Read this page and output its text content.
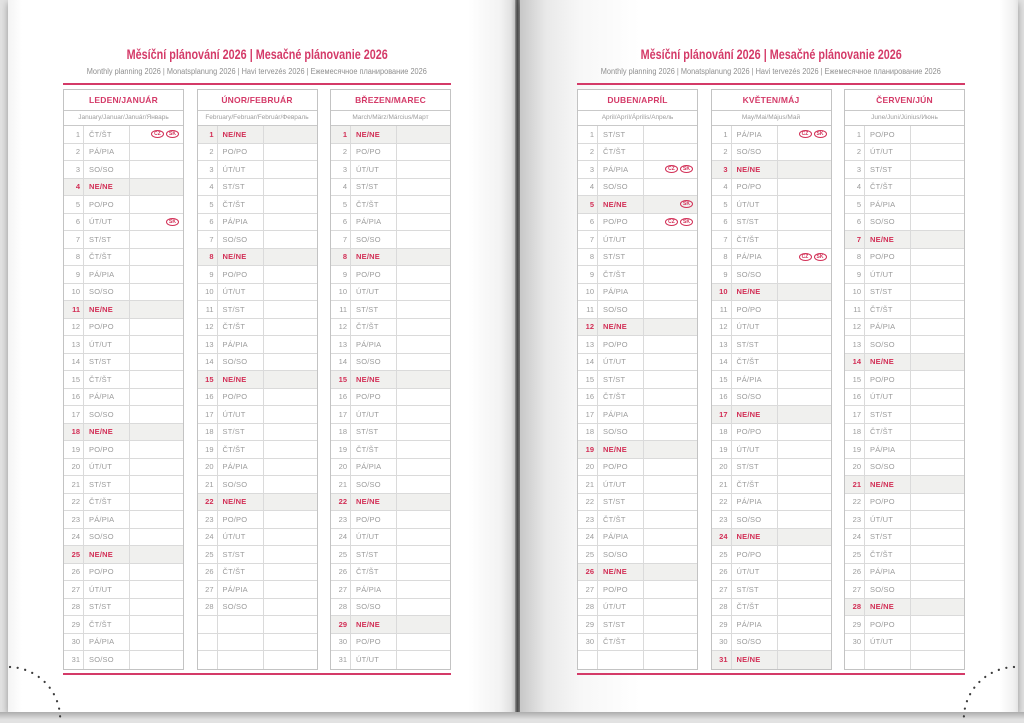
Měsíční plánování 2026 | Mesačné plánovanie 2026

Monthly planning 2026 | Monatsplanung 2026 | Havi tervezés 2026 | Ежемесячное планирование 2026

LEDEN/JANUÁR
January/Januar/Január/Январь
1	ČT/ŠT	CZ	SK
2	PÁ/PIA
3	SO/SO
4	NE/NE
5	PO/PO
6	ÚT/UT	SK
7	ST/ST
8	ČT/ŠT
9	PÁ/PIA
10	SO/SO
11	NE/NE
12	PO/PO
13	ÚT/UT
14	ST/ST
15	ČT/ŠT
16	PÁ/PIA
17	SO/SO
18	NE/NE
19	PO/PO
20	ÚT/UT
21	ST/ST
22	ČT/ŠT
23	PÁ/PIA
24	SO/SO
25	NE/NE
26	PO/PO
27	ÚT/UT
28	ST/ST
29	ČT/ŠT
30	PÁ/PIA
31	SO/SO
ÚNOR/FEBRUÁR
February/Februar/Február/Февраль
1	NE/NE
2	PO/PO
3	ÚT/UT
4	ST/ST
5	ČT/ŠT
6	PÁ/PIA
7	SO/SO
8	NE/NE
9	PO/PO
10	ÚT/UT
11	ST/ST
12	ČT/ŠT
13	PÁ/PIA
14	SO/SO
15	NE/NE
16	PO/PO
17	ÚT/UT
18	ST/ST
19	ČT/ŠT
20	PÁ/PIA
21	SO/SO
22	NE/NE
23	PO/PO
24	ÚT/UT
25	ST/ST
26	ČT/ŠT
27	PÁ/PIA
28	SO/SO
BŘEZEN/MAREC
March/März/Március/Март
1	NE/NE
2	PO/PO
3	ÚT/UT
4	ST/ST
5	ČT/ŠT
6	PÁ/PIA
7	SO/SO
8	NE/NE
9	PO/PO
10	ÚT/UT
11	ST/ST
12	ČT/ŠT
13	PÁ/PIA
14	SO/SO
15	NE/NE
16	PO/PO
17	ÚT/UT
18	ST/ST
19	ČT/ŠT
20	PÁ/PIA
21	SO/SO
22	NE/NE
23	PO/PO
24	ÚT/UT
25	ST/ST
26	ČT/ŠT
27	PÁ/PIA
28	SO/SO
29	NE/NE
30	PO/PO
31	ÚT/UT
Měsíční plánování 2026 | Mesačné plánovanie 2026

Monthly planning 2026 | Monatsplanung 2026 | Havi tervezés 2026 | Ежемесячное планирование 2026

DUBEN/APRÍL
April/Apríl/Április/Апрель
1	ST/ST
2	ČT/ŠT
3	PÁ/PIA	CZ	SK
4	SO/SO
5	NE/NE	SK
6	PO/PO	CZ	SK
7	ÚT/UT
8	ST/ST
9	ČT/ŠT
10	PÁ/PIA
11	SO/SO
12	NE/NE
13	PO/PO
14	ÚT/UT
15	ST/ST
16	ČT/ŠT
17	PÁ/PIA
18	SO/SO
19	NE/NE
20	PO/PO
21	ÚT/UT
22	ST/ST
23	ČT/ŠT
24	PÁ/PIA
25	SO/SO
26	NE/NE
27	PO/PO
28	ÚT/UT
29	ST/ST
30	ČT/ŠT
KVĚTEN/MÁJ
May/Mai/Május/Май
1	PÁ/PIA	CZ	SK
2	SO/SO
3	NE/NE
4	PO/PO
5	ÚT/UT
6	ST/ST
7	ČT/ŠT
8	PÁ/PIA	CZ	SK
9	SO/SO
10	NE/NE
11	PO/PO
12	ÚT/UT
13	ST/ST
14	ČT/ŠT
15	PÁ/PIA
16	SO/SO
17	NE/NE
18	PO/PO
19	ÚT/UT
20	ST/ST
21	ČT/ŠT
22	PÁ/PIA
23	SO/SO
24	NE/NE
25	PO/PO
26	ÚT/UT
27	ST/ST
28	ČT/ŠT
29	PÁ/PIA
30	SO/SO
31	NE/NE
ČERVEN/JÚN
June/Juni/Június/Июнь
1	PO/PO
2	ÚT/UT
3	ST/ST
4	ČT/ŠT
5	PÁ/PIA
6	SO/SO
7	NE/NE
8	PO/PO
9	ÚT/UT
10	ST/ST
11	ČT/ŠT
12	PÁ/PIA
13	SO/SO
14	NE/NE
15	PO/PO
16	ÚT/UT
17	ST/ST
18	ČT/ŠT
19	PÁ/PIA
20	SO/SO
21	NE/NE
22	PO/PO
23	ÚT/UT
24	ST/ST
25	ČT/ŠT
26	PÁ/PIA
27	SO/SO
28	NE/NE
29	PO/PO
30	ÚT/UT
